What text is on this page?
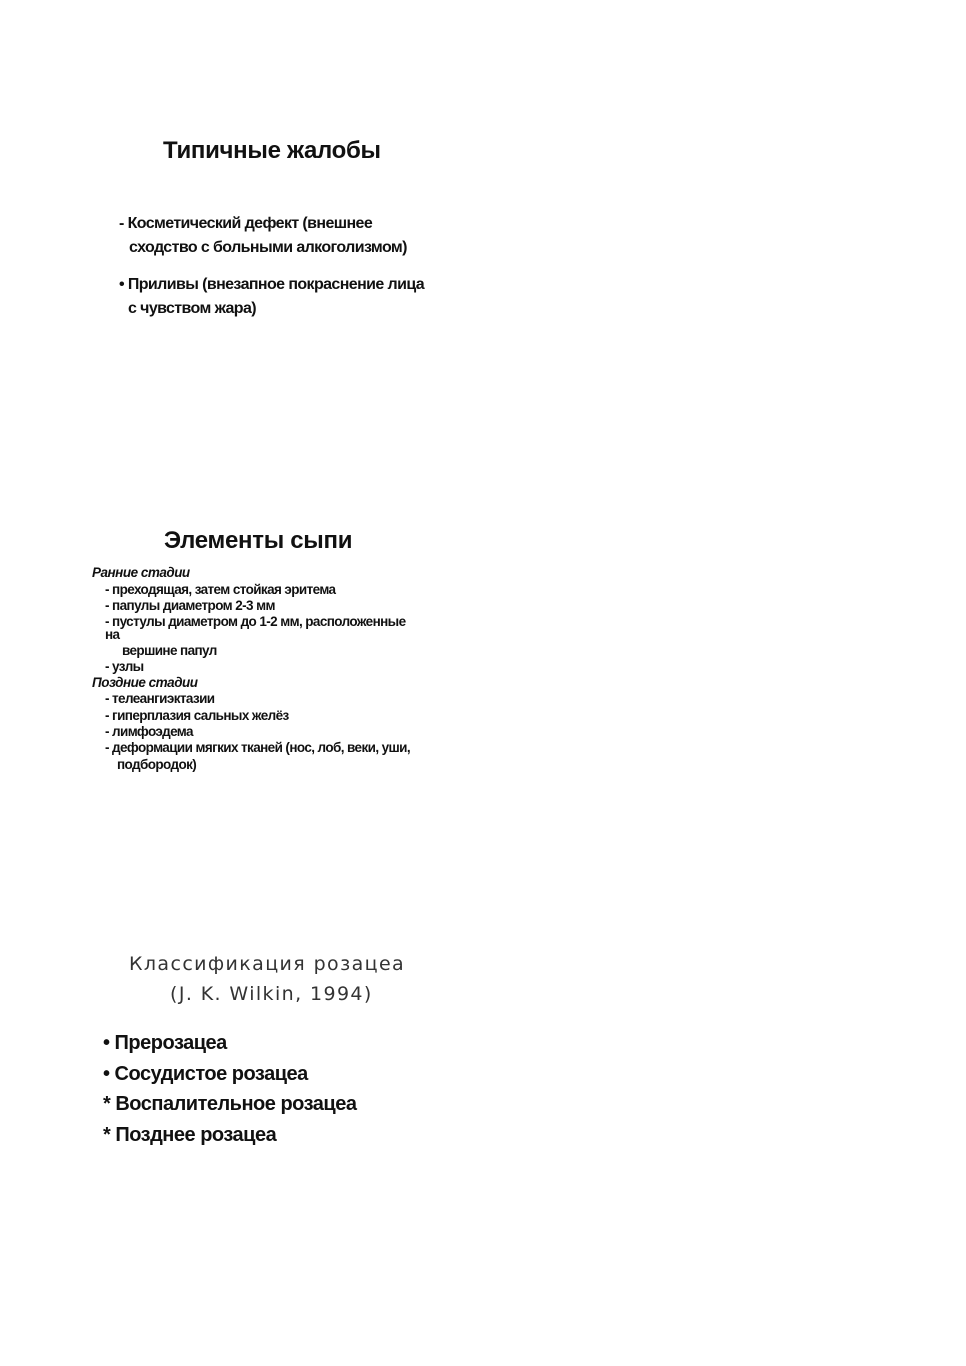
Типичные жалобы
- Косметический дефект (внешнее
сходство с больными алкоголизмом)
• Приливы (внезапное покраснение лица
с чувством жара)
Элементы сыпи
Ранние стадии
- преходящая, затем стойкая эритема
- папулы диаметром 2-3 мм
- пустулы диаметром до 1-2 мм, расположенные
на
вершине папул
- узлы
Поздние стадии
- телеангиэктазии
- гиперплазия сальных желёз
- лимфоэдема
- деформации мягких тканей (нос, лоб, веки, уши,
подбородок)
Классификация розацеа
(J. K. Wilkin, 1994)
• Прерозацеа
• Сосудистое розацеа
* Воспалительное розацеа
* Позднее розацеа
